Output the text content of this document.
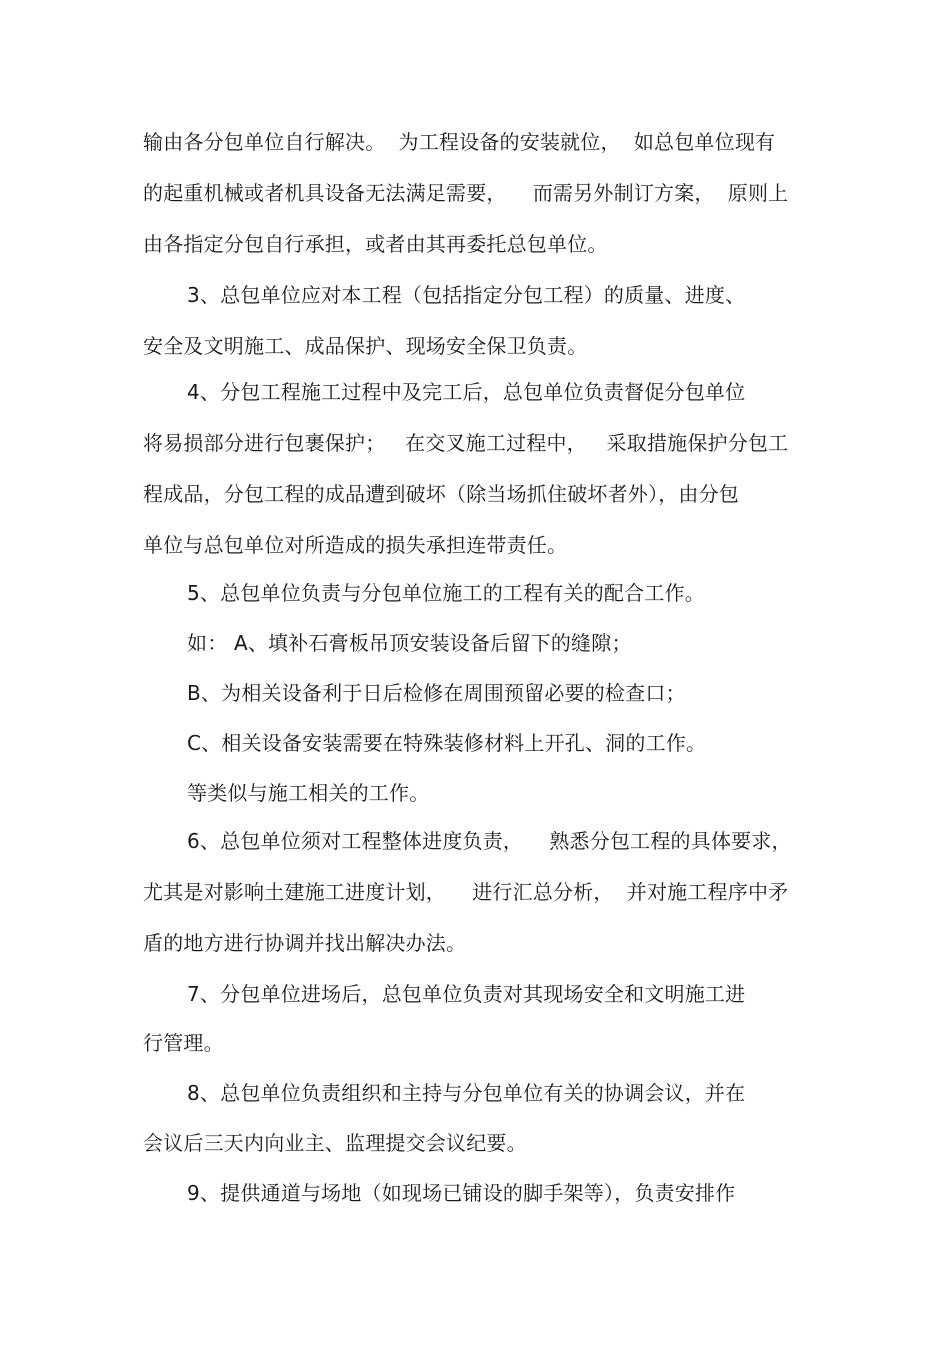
输由各分包单位自行解决。  为工程设备的安装就位，  如总包单位现有
的起重机械或者机具设备无法满足需要，    而需另外制订方案，  原则上
由各指定分包自行承担，或者由其再委托总包单位。
3、总包单位应对本工程（包括指定分包工程）的质量、进度、
安全及文明施工、成品保护、现场安全保卫负责。
4、分包工程施工过程中及完工后，总包单位负责督促分包单位
将易损部分进行包裹保护；   在交叉施工过程中，   采取措施保护分包工
程成品，分包工程的成品遭到破坏（除当场抓住破坏者外），由分包
单位与总包单位对所造成的损失承担连带责任。
5、总包单位负责与分包单位施工的工程有关的配合工作。
如： A、填补石膏板吊顶安装设备后留下的缝隙；
B、为相关设备利于日后检修在周围预留必要的检查口；
C、相关设备安装需要在特殊装修材料上开孔、洞的工作。
等类似与施工相关的工作。
6、总包单位须对工程整体进度负责，    熟悉分包工程的具体要求，
尤其是对影响土建施工进度计划，    进行汇总分析，  并对施工程序中矛
盾的地方进行协调并找出解决办法。
7、分包单位进场后，总包单位负责对其现场安全和文明施工进
行管理。
8、总包单位负责组织和主持与分包单位有关的协调会议，并在
会议后三天内向业主、监理提交会议纪要。
9、提供通道与场地（如现场已铺设的脚手架等），负责安排作
